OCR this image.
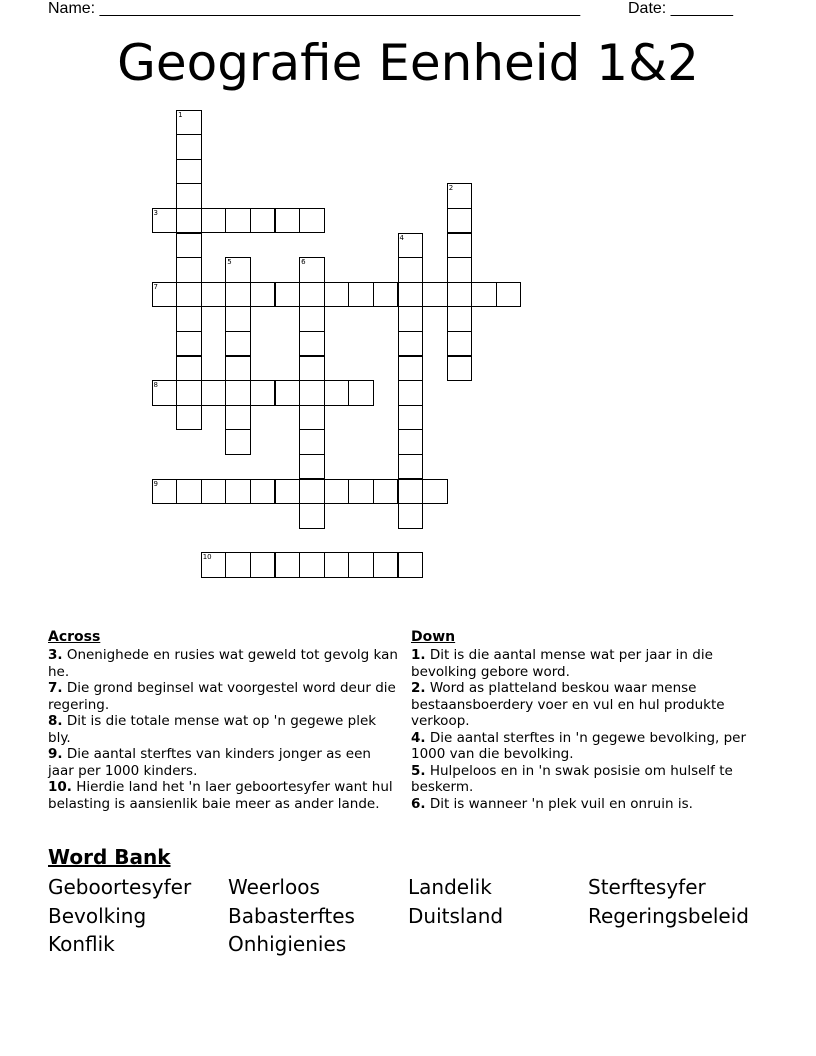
Name: ______________________________________________________	Date: _______
Geografie Eenheid 1&2
1
2
3
4
5	6
7
8
9
10
Across
3. Onenighede en rusies wat geweld tot gevolg kan he.
7. Die grond beginsel wat voorgestel word deur die regering.
8. Dit is die totale mense wat op 'n gegewe plek bly.
9. Die aantal sterftes van kinders jonger as een jaar per 1000 kinders.
10. Hierdie land het 'n laer geboortesyfer want hul belasting is aansienlik baie meer as ander lande.
Down
1. Dit is die aantal mense wat per jaar in die bevolking gebore word.
2. Word as platteland beskou waar mense bestaansboerdery voer en vul en hul produkte verkoop.
4. Die aantal sterftes in 'n gegewe bevolking, per 1000 van die bevolking.
5. Hulpeloos en in 'n swak posisie om hulself te beskerm.
6. Dit is wanneer 'n plek vuil en onruin is.
Word Bank
Geboortesyfer Weerloos	Landelik	Sterftesyfer
Bevolking	Babasterftes	Duitsland	Regeringsbeleid
Konflik	Onhigienies
